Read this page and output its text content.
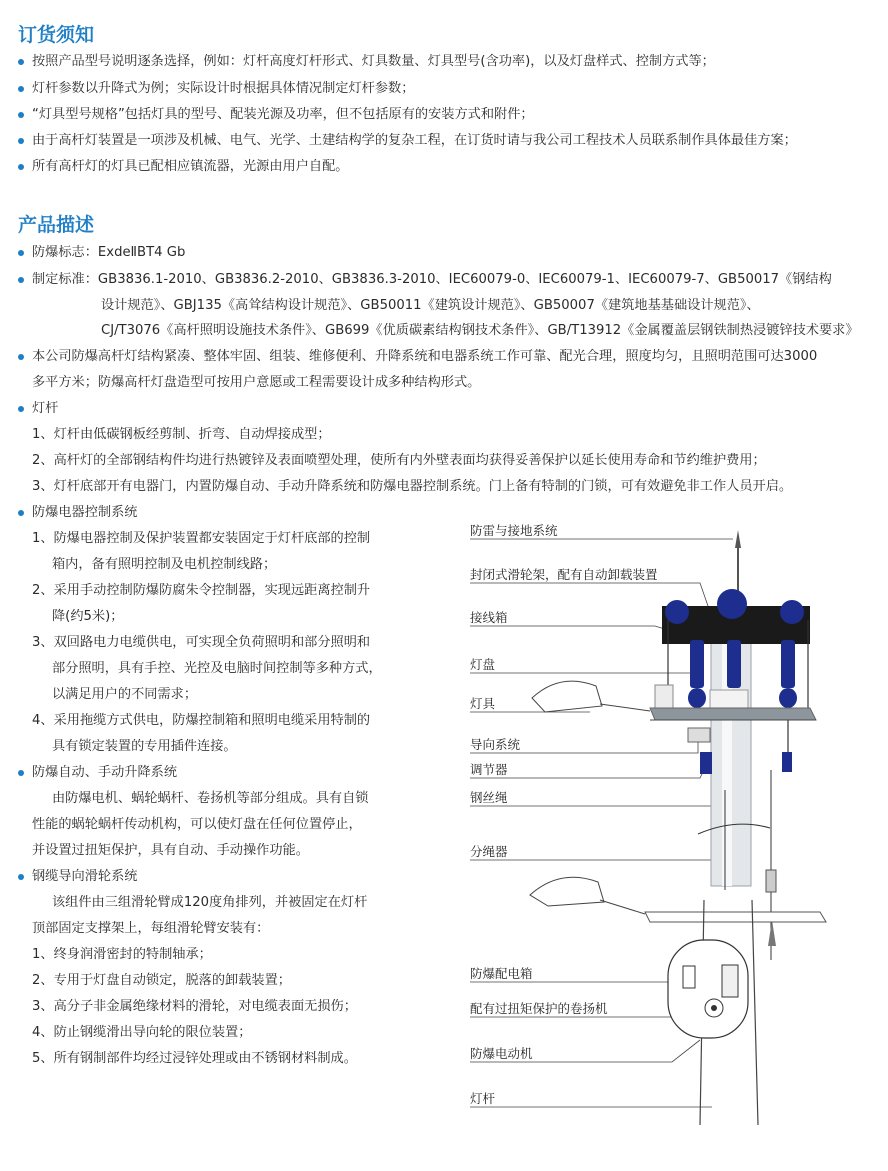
订货须知
按照产品型号说明逐条选择，例如：灯杆高度灯杆形式、灯具数量、灯具型号(含功率)，以及灯盘样式、控制方式等；
灯杆参数以升降式为例；实际设计时根据具体情况制定灯杆参数；
“灯具型号规格”包括灯具的型号、配装光源及功率，但不包括原有的安装方式和附件；
由于高杆灯装置是一项涉及机械、电气、光学、土建结构学的复杂工程，在订货时请与我公司工程技术人员联系制作具体最佳方案；
所有高杆灯的灯具已配相应镇流器，光源由用户自配。
产品描述
防爆标志：ExdeⅡBT4 Gb
制定标准：GB3836.1-2010、GB3836.2-2010、GB3836.3-2010、IEC60079-0、IEC60079-1、IEC60079-7、GB50017《钢结构
设计规范》、GBJ135《高耸结构设计规范》、GB50011《建筑设计规范》、GB50007《建筑地基基础设计规范》、
CJ/T3076《高杆照明设施技术条件》、GB699《优质碳素结构钢技术条件》、GB/T13912《金属覆盖层钢铁制热浸镀锌技术要求》
本公司防爆高杆灯结构紧凑、整体牢固、组装、维修便利、升降系统和电器系统工作可靠、配光合理，照度均匀，且照明范围可达3000
多平方米；防爆高杆灯盘造型可按用户意愿或工程需要设计成多种结构形式。
灯杆
1、灯杆由低碳钢板经剪制、折弯、自动焊接成型；
2、高杆灯的全部钢结构件均进行热镀锌及表面喷塑处理，使所有内外壁表面均获得妥善保护以延长使用寿命和节约维护费用；
3、灯杆底部开有电器门，内置防爆自动、手动升降系统和防爆电器控制系统。门上备有特制的门锁，可有效避免非工作人员开启。
防爆电器控制系统
1、防爆电器控制及保护装置都安装固定于灯杆底部的控制
箱内，备有照明控制及电机控制线路；
2、采用手动控制防爆防腐朱令控制器，实现远距离控制升
降(约5米)；
3、双回路电力电缆供电，可实现全负荷照明和部分照明和
部分照明，具有手控、光控及电脑时间控制等多种方式，
以满足用户的不同需求；
4、采用拖缆方式供电，防爆控制箱和照明电缆采用特制的
具有锁定装置的专用插件连接。
防爆自动、手动升降系统
由防爆电机、蜗轮蜗杆、卷扬机等部分组成。具有自锁
性能的蜗轮蜗杆传动机构，可以使灯盘在任何位置停止，
并设置过扭矩保护，具有自动、手动操作功能。
钢缆导向滑轮系统
该组件由三组滑轮臂成120度角排列，并被固定在灯杆
顶部固定支撑架上，每组滑轮臂安装有：
1、终身润滑密封的特制轴承；
2、专用于灯盘自动锁定，脱落的卸载装置；
3、高分子非金属绝缘材料的滑轮，对电缆表面无损伤；
4、防止钢缆滑出导向轮的限位装置；
5、所有钢制部件均经过浸锌处理或由不锈钢材料制成。
防雷与接地系统
封闭式滑轮架，配有自动卸载装置
接线箱
灯盘
灯具
导向系统
调节器
钢丝绳
分绳器
防爆配电箱
配有过扭矩保护的卷扬机
防爆电动机
灯杆
